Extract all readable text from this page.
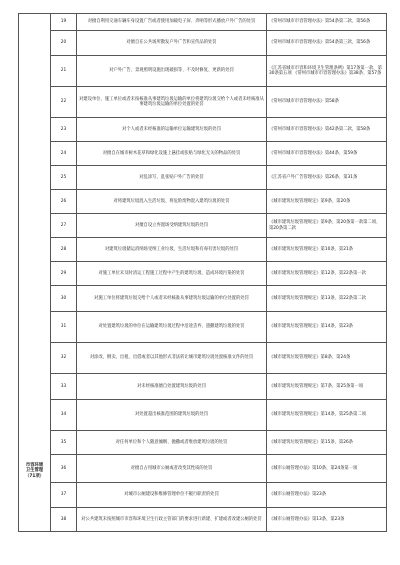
市容环境
卫生管理
（71项）	19	对擅自利用交通车辆车身设置广告或者使用加载电子屏、奔响等形式播放户外广告的处罚	《常州市城市市容管理办法》第54条第二款、第56条
	20	对擅自在公共场所散发户外广告和宣传品的处罚	《常州市城市市容管理办法》第54条第三款、第56条
	21	对户外广告、景观照明设施出现破损等、不及时修复、更新的处罚	《江苏省城市市容和环境卫生管理条例》第17条第一款、第30条第五项 《常州市城市市容管理办法》第38条、第57条
	22	对建设单位、施工单位或者未按核准从事建筑垃圾运输的单位将建筑垃圾交给个人或者未经核准从事建筑垃圾运输的单位处置的处罚	《常州市城市市容管理办法》第58条
	23	对个人或者未经核准的运输单位运输建筑垃圾的处罚	《常州市城市市容管理办法》第42条第二款、第58条
	24	对擅自在城市树木花草和绿化设施上悬挂或张贴与绿化无关的物品的处罚	《常州市城市市容管理办法》第44条、第59条
	25	对乱涂写、乱张贴户外广告的处罚	《江苏省户外广告管理办法》第26条、第31条
	26	对将建筑垃圾混入生活垃圾、将危险废物混入建筑垃圾的处罚	《城市建筑垃圾管理规定》第9条、第20条
	27	对擅自设立弃置场受纳建筑垃圾的处罚	《城市建筑垃圾管理规定》第9条、第20条第一款第二项、第20条第二款
	28	对建筑垃圾储运消纳场受纳工业垃圾、生活垃圾和有毒有害垃圾的处罚	《城市建筑垃圾管理规定》第10条、第21条
	29	对施工单位未及时清运工程施工过程中产生的建筑垃圾、造成环境污染的处罚	《城市建筑垃圾管理规定》第12条、第22条第一款
	30	对施工单位将建筑垃圾交给个人或者未经核准从事建筑垃圾运输的单位处置的处罚	《城市建筑垃圾管理规定》第13条、第22条第二款
	31	对处置建筑垃圾的单位在运输建筑垃圾过程中沿途丢弃、遗撒建筑垃圾的处罚	《城市建筑垃圾管理规定》第14条、第23条
	32	对涂改、倒卖、出租、出借或者以其他形式非法转让城市建筑垃圾处置核准文件的处罚	《城市建筑垃圾管理规定》第8条、第24条
	33	对未经核准擅自处置建筑垃圾的处罚	《城市建筑垃圾管理规定》第7条、第25条第一项
	34	对处置超出核准范围的建筑垃圾的处罚	《城市建筑垃圾管理规定》第14条、第25条第二项
	35	对任何单位和个人随意倾倒、抛撒或者堆放建筑垃圾的处罚	《城市建筑垃圾管理规定》第15条、第26条
	36	对擅自占用城市公厕或者改变其性质的处罚	《城市公厕管理办法》第10条、第24条第一项
	37	对城市公厕建设和维修管理单位不履行职责的处罚	《城市公厕管理办法》第23条
	38	对公共建筑未按照城市市容和环境卫生行政主管部门的要求进行新建、扩建或者改建公厕的处罚	《城市公厕管理办法》第13条、第23条
